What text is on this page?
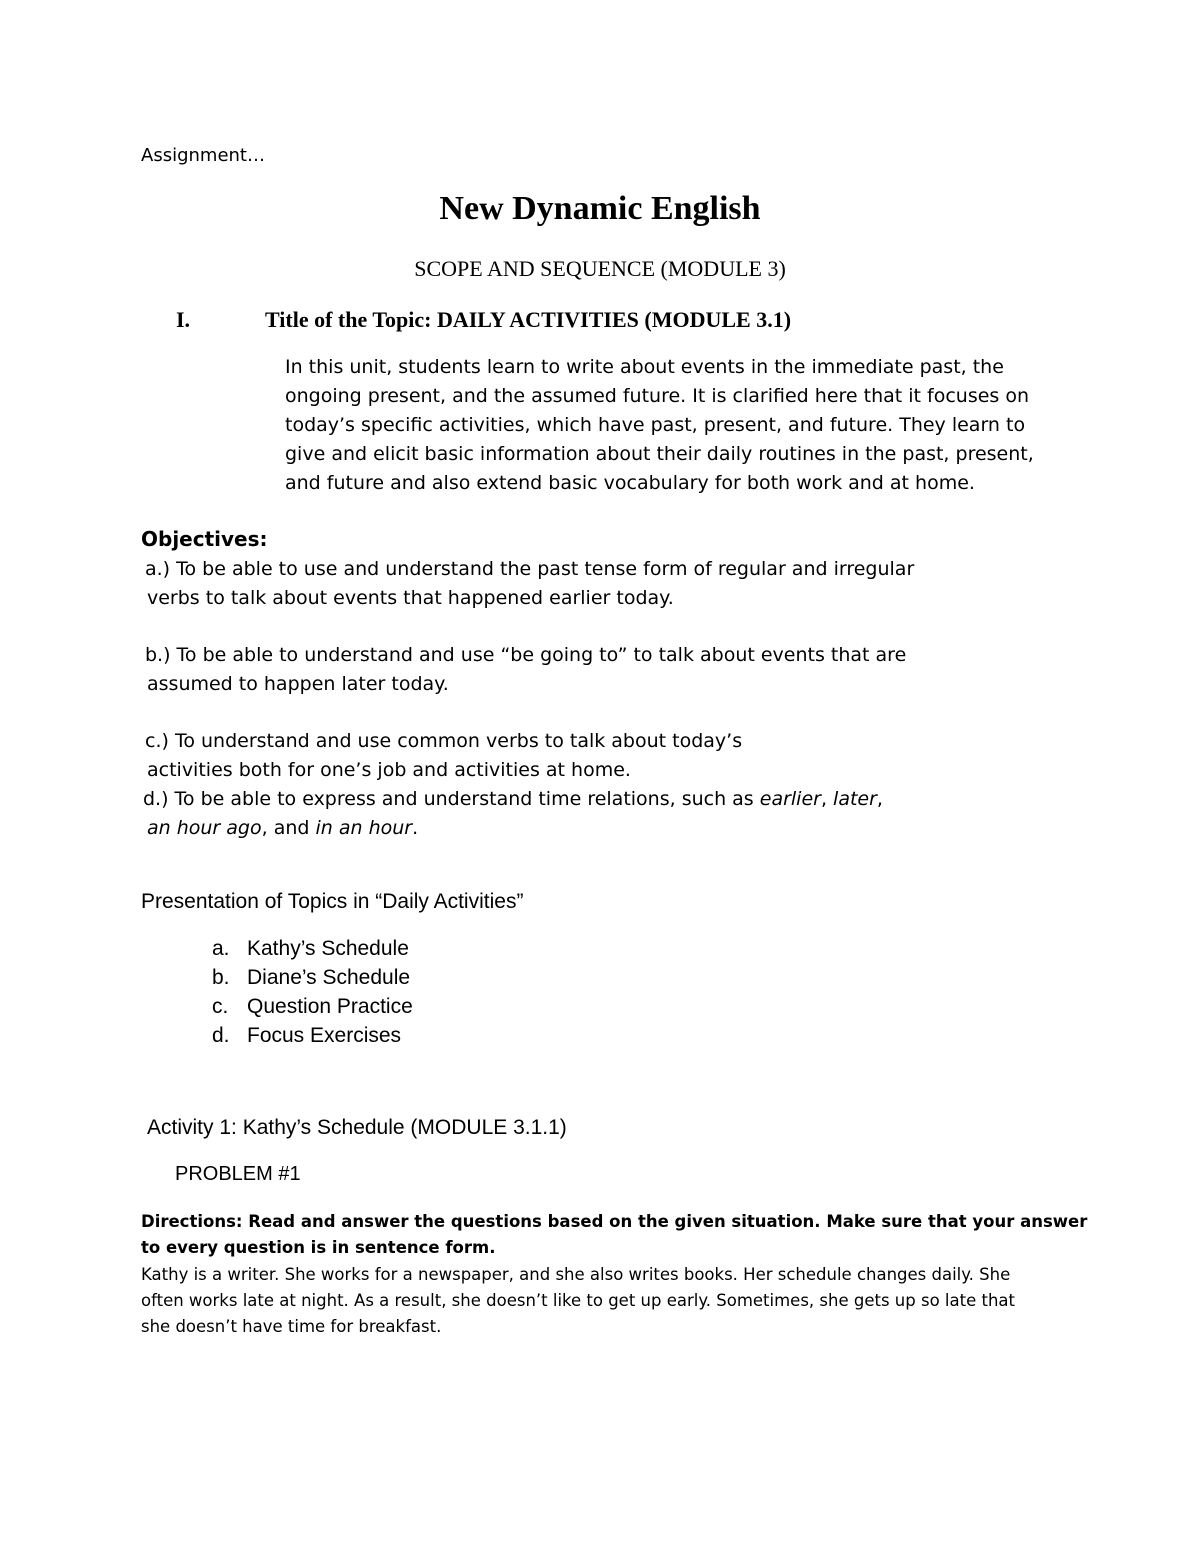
Assignment…
New Dynamic English
SCOPE AND SEQUENCE (MODULE 3)
I.	Title of the Topic: DAILY ACTIVITIES (MODULE 3.1)
In this unit, students learn to write about events in the immediate past, the
ongoing present, and the assumed future. It is clarified here that it focuses on
today’s specific activities, which have past, present, and future. They learn to
give and elicit basic information about their daily routines in the past, present,
and future and also extend basic vocabulary for both work and at home.
Objectives:
a.) To be able to use and understand the past tense form of regular and irregular
verbs to talk about events that happened earlier today.
b.) To be able to understand and use “be going to” to talk about events that are
assumed to happen later today.
c.) To understand and use common verbs to talk about today’s
activities both for one’s job and activities at home.
d.) To be able to express and understand time relations, such as earlier, later,
an hour ago, and in an hour.
Presentation of Topics in “Daily Activities”
a. Kathy’s Schedule
b. Diane’s Schedule
c. Question Practice
d. Focus Exercises
Activity 1: Kathy’s Schedule (MODULE 3.1.1)
PROBLEM #1
Directions: Read and answer the questions based on the given situation. Make sure that your answer
to every question is in sentence form.
Kathy is a writer. She works for a newspaper, and she also writes books. Her schedule changes daily. She
often works late at night. As a result, she doesn’t like to get up early. Sometimes, she gets up so late that
she doesn’t have time for breakfast.
